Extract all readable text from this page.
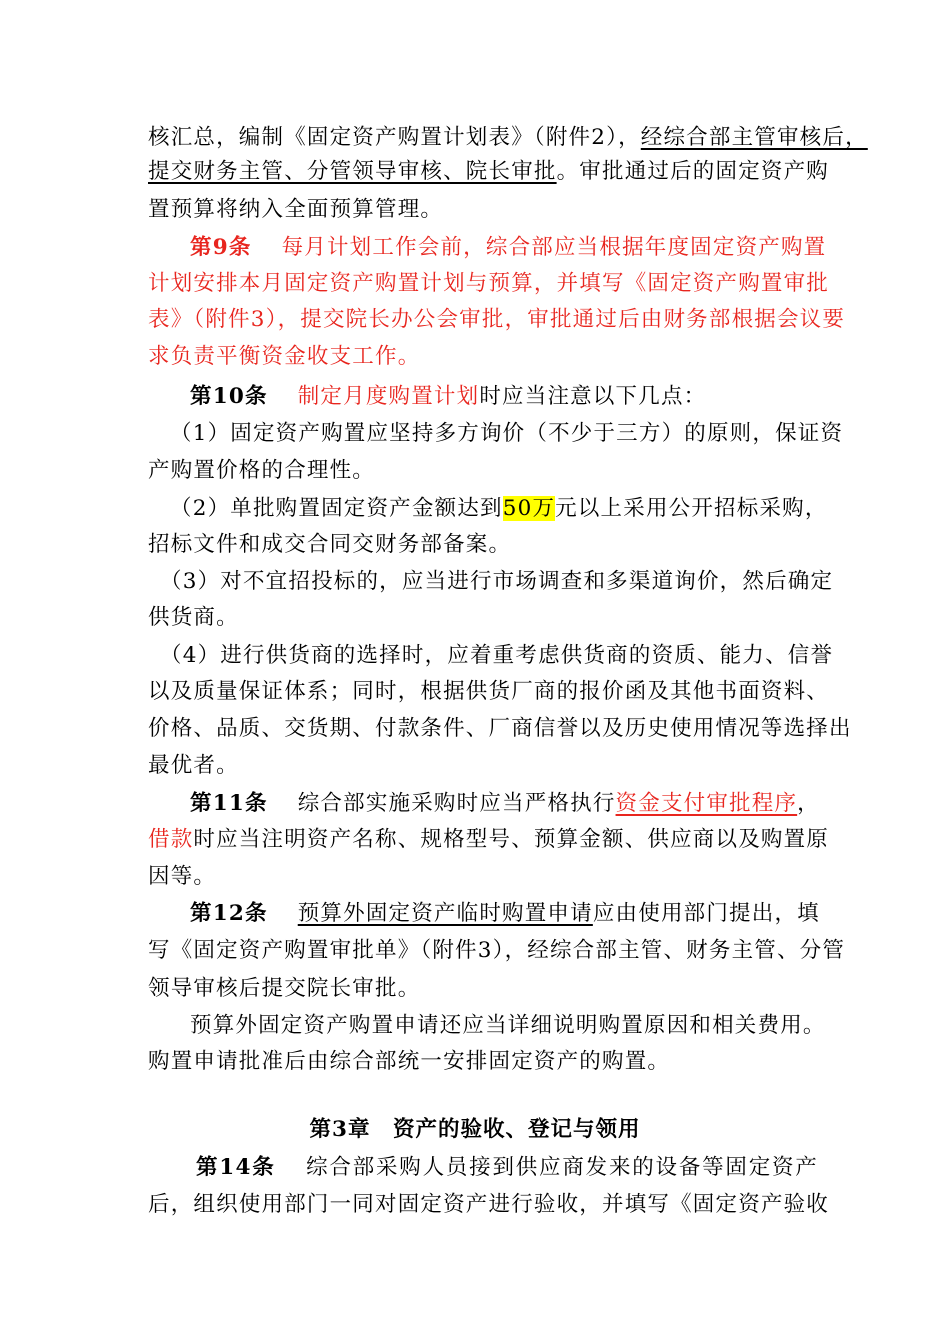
核汇总，编制《固定资产购置计划表》（附件2），经综合部主管审核后，
提交财务主管、分管领导审核、院长审批。审批通过后的固定资产购
置预算将纳入全面预算管理。
第9条 每月计划工作会前，综合部应当根据年度固定资产购置
计划安排本月固定资产购置计划与预算，并填写《固定资产购置审批
表》（附件3），提交院长办公会审批，审批通过后由财务部根据会议要
求负责平衡资金收支工作。
第10条 制定月度购置计划时应当注意以下几点：
（1）固定资产购置应坚持多方询价（不少于三方）的原则，保证资
产购置价格的合理性。
（2）单批购置固定资产金额达到50万元以上采用公开招标采购，
招标文件和成交合同交财务部备案。
（3）对不宜招投标的，应当进行市场调查和多渠道询价，然后确定
供货商。
（4）进行供货商的选择时，应着重考虑供货商的资质、能力、信誉
以及质量保证体系；同时，根据供货厂商的报价函及其他书面资料、
价格、品质、交货期、付款条件、厂商信誉以及历史使用情况等选择出
最优者。
第11条 综合部实施采购时应当严格执行资金支付审批程序，
借款时应当注明资产名称、规格型号、预算金额、供应商以及购置原
因等。
第12条 预算外固定资产临时购置申请应由使用部门提出，填
写《固定资产购置审批单》（附件3），经综合部主管、财务主管、分管
领导审核后提交院长审批。
预算外固定资产购置申请还应当详细说明购置原因和相关费用。
购置申请批准后由综合部统一安排固定资产的购置。
第3章　资产的验收、登记与领用
第14条 综合部采购人员接到供应商发来的设备等固定资产
后，组织使用部门一同对固定资产进行验收，并填写《固定资产验收
